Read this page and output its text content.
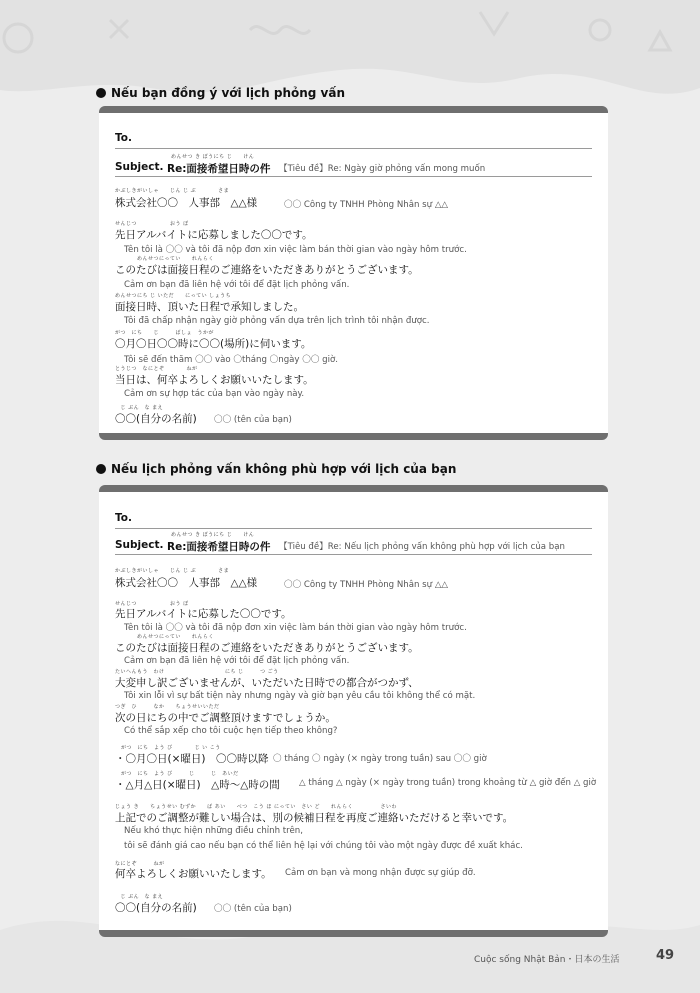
Nếu bạn đồng ý với lịch phỏng vấn
To.
Subject.
めんせつ き ぼうにち じ　　けん
Re:面接希望日時の件 【Tiêu đề】Re: Ngày giờ phỏng vấn mong muốn
かぶしきがいしゃ　　じん じ ぶ　　　　さま
株式会社〇〇　人事部　△△様	〇〇 Công ty TNHH Phòng Nhân sự △△
せんじつ　　　　　　おう ぼ
先日アルバイトに応募しました〇〇です。
Tên tôi là 〇〇 và tôi đã nộp đơn xin việc làm bán thời gian vào ngày hôm trước.
　　　　めんせつにってい　　れんらく
このたびは面接日程のご連絡をいただきありがとうございます。
Cảm ơn bạn đã liên hệ với tôi để đặt lịch phỏng vấn.
めんせつにち じ いただ　　にってい しょうち
面接日時、頂いた日程で承知しました。
Tôi đã chấp nhận ngày giờ phỏng vấn dựa trên lịch trình tôi nhận được.
がつ　にち　　じ　　　ばしょ　うかが
〇月〇日〇〇時に〇〇(場所)に伺います。
Tôi sẽ đến thăm 〇〇 vào 〇tháng 〇ngày 〇〇 giờ.
とうじつ　なにとぞ　　　　ねが
当日は、何卒よろしくお願いいたします。
Cảm ơn sự hợp tác của bạn vào ngày này.
　じ ぶん　な まえ
〇〇(自分の名前) 〇〇 (tên của bạn)
Nếu lịch phỏng vấn không phù hợp với lịch của bạn
To.
Subject.
めんせつ き ぼうにち じ　　けん
Re:面接希望日時の件 【Tiêu đề】Re: Nếu lịch phỏng vấn không phù hợp với lịch của bạn
かぶしきがいしゃ　　じん じ ぶ　　　　さま
株式会社〇〇　人事部　△△様	〇〇 Công ty TNHH Phòng Nhân sự △△
せんじつ　　　　　　おう ぼ
先日アルバイトに応募した〇〇です。
Tên tôi là 〇〇 và tôi đã nộp đơn xin việc làm bán thời gian vào ngày hôm trước.
　　　　めんせつにってい　　れんらく
このたびは面接日程のご連絡をいただきありがとうございます。
Cảm ơn bạn đã liên hệ với tôi để đặt lịch phỏng vấn.
たいへんもう　わけ　　　　　　　　　　　にち じ　　　つ ごう
大変申し訳ございませんが、いただいた日時での都合がつかず、
Tôi xin lỗi vì sự bất tiện này nhưng ngày và giờ bạn yêu cầu tôi không thể có mặt.
つぎ　ひ　　　なか　　ちょうせいいただ
次の日にちの中でご調整頂けますでしょうか。
Có thể sắp xếp cho tôi cuộc hẹn tiếp theo không?
がつ　にち　よう び　　　　じ い こう
・〇月〇日(×曜日)　〇〇時以降 〇 tháng 〇 ngày (× ngày trong tuần) sau 〇〇 giờ
がつ　にち　よう び　　　じ　　　じ　あいだ
・△月△日(×曜日)　△時～△時の間 △ tháng △ ngày (× ngày trong tuần) trong khoảng từ △ giờ đến △ giờ
じょう き　　ちょうせい むずか　　ば あい　　べつ　こう ほ にってい　さい ど　　れんらく　　　　　さいわ
上記でのご調整が難しい場合は、別の候補日程を再度ご連絡いただけると幸いです。
Nếu khó thực hiện những điều chỉnh trên,
tôi sẽ đánh giá cao nếu bạn có thể liên hệ lại với chúng tôi vào một ngày được đề xuất khác.
なにとぞ　　　ねが
何卒よろしくお願いいたします。 Cảm ơn bạn và mong nhận được sự giúp đỡ.
　じ ぶん　な まえ
〇〇(自分の名前) 〇〇 (tên của bạn)
Cuộc sống Nhật Bản・日本の生活	49
